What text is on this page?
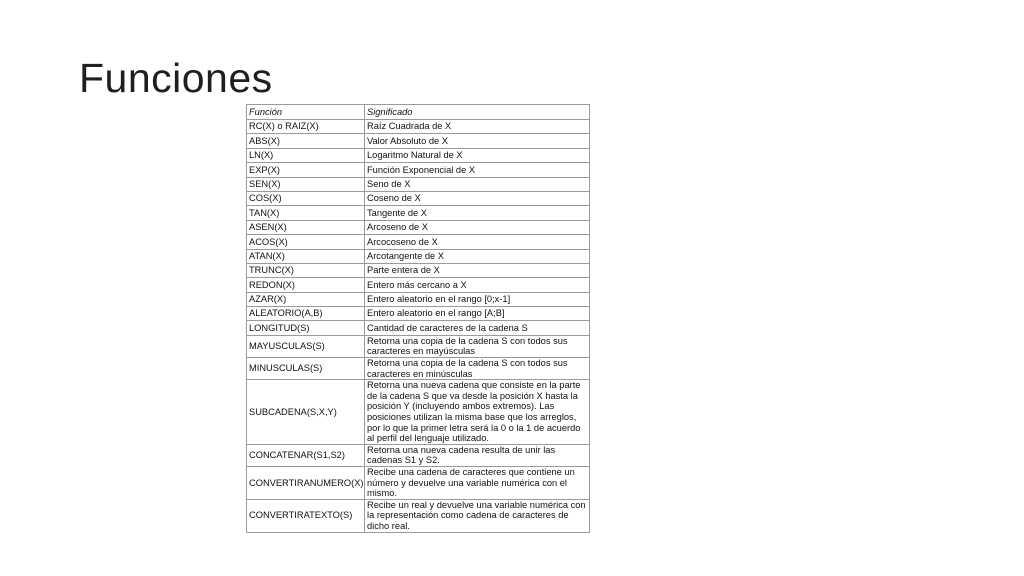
Funciones
Función	Significado
RC(X) o RAIZ(X)	Raíz Cuadrada de X
ABS(X)	Valor Absoluto de X
LN(X)	Logaritmo Natural de X
EXP(X)	Función Exponencial de X
SEN(X)	Seno de X
COS(X)	Coseno de X
TAN(X)	Tangente de X
ASEN(X)	Arcoseno de X
ACOS(X)	Arcocoseno de X
ATAN(X)	Arcotangente de X
TRUNC(X)	Parte entera de X
REDON(X)	Entero más cercano a X
AZAR(X)	Entero aleatorio en el rango [0;x-1]
ALEATORIO(A,B)	Entero aleatorio en el rango [A;B]
LONGITUD(S)	Cantidad de caracteres de la cadena S
MAYUSCULAS(S)	Retorna una copia de la cadena S con todos sus caracteres en mayúsculas
MINUSCULAS(S)	Retorna una copia de la cadena S con todos sus caracteres en minúsculas
SUBCADENA(S,X,Y)	Retorna una nueva cadena que consiste en la parte de la cadena S que va desde la posición X hasta la posición Y (incluyendo ambos extremos). Las posiciones utilizan la misma base que los arreglos, por lo que la primer letra será la 0 o la 1 de acuerdo al perfil del lenguaje utilizado.
CONCATENAR(S1,S2)	Retorna una nueva cadena resulta de unir las cadenas S1 y S2.
CONVERTIRANUMERO(X)	Recibe una cadena de caracteres que contiene un número y devuelve una variable numérica con el mismo.
CONVERTIRATEXTO(S)	Recibe un real y devuelve una variable numérica con la representación como cadena de caracteres de dicho real.
